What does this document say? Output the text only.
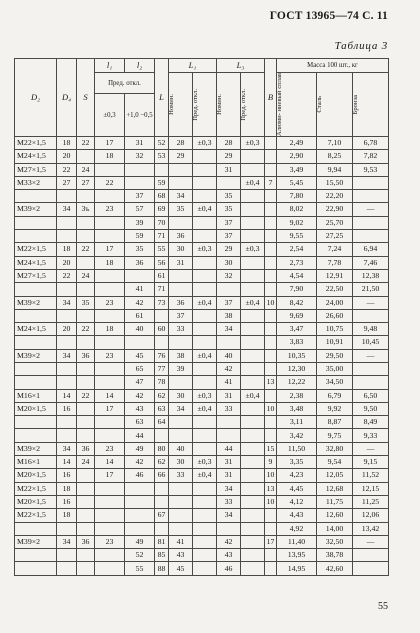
ГОСТ 13965—74 С. 11
Таблица 3
D₂	D₄	S	l₁	l₂	L	L₁		L₃		B	Масса 100 шт., кг		
			Пред. откл.			Номин.	Пред. откл.	Номин.	Пред. откл.		Алюми- ниевый сплав	Сталь	Бронза

			±0,3	+1,0 −0,5									
M22×1,5	18	22	17	31	52	28	±0,3	28	±0,3		2,49	7,10	6,78
M24×1,5	20		18	32	53	29		29			2,90	8,25	7,82
M27×1,5	22	24						31			3,49	9,94	9,53
M33×2	27	27	22		59				±0,4	7	5,45	15,50	
				37	68	34		35			7,80	22,20	
M39×2	34	3ъ	23	57	69	35	±0,4	35			8,02	22,90	—
				39	70			37			9,02	25,70	
				59	71	36		37			9,55	27,25	
M22×1,5	18	22	17	35	55	30	±0,3	29	±0,3		2,54	7,24	6,94
M24×1,5	20		18	36	56	31		30			2,73	7,78	7,46
M27×1,5	22	24			61			32			4,54	12,91	12,38
				41	71						7,90	22,50	21,50
M39×2	34	35	23	42	73	36	±0,4	37	±0,4	10	8,42	24,00	—
				61		37		38			9,69	26,60	
M24×1,5	20	22	18	40	60	33		34			3,47	10,75	9,48
											3,83	10,91	10,45
M39×2	34	36	23	45	76	38	±0,4	40			10,35	29,50	—
				65	77	39		42			12,30	35,00	
				47	78			41		13	12,22	34,50	
M16×1	14	22	14	42	62	30	±0,3	31	±0,4		2,38	6,79	6,50
M20×1,5	16		17	43	63	34	±0,4	33		10	3,48	9,92	9,50
				63	64						3,11	8,87	8,49
				44							3,42	9,75	9,33
M39×2	34	36	23	49	80	40		44		15	11,50	32,80	—
M16×1	14	24	14	42	62	30	±0,3	31		9	3,35	9,54	9,15
M20×1,5	16		17	46	66	33	±0,4	31		10	4,23	12,05	11,52
M22×1,5	18							34		13	4,45	12,68	12,15
M20×1,5	16							33		10	4,12	11,75	11,25
M22×1,5	18				67			34			4,43	12,60	12,06
											4,92	14,00	13,42
M39×2	34	36	23	49	81	41		42		17	11,40	32,50	—
				52	85	43		43			13,95	38,78	
				55	88	45		46			14,95	42,60	
55
